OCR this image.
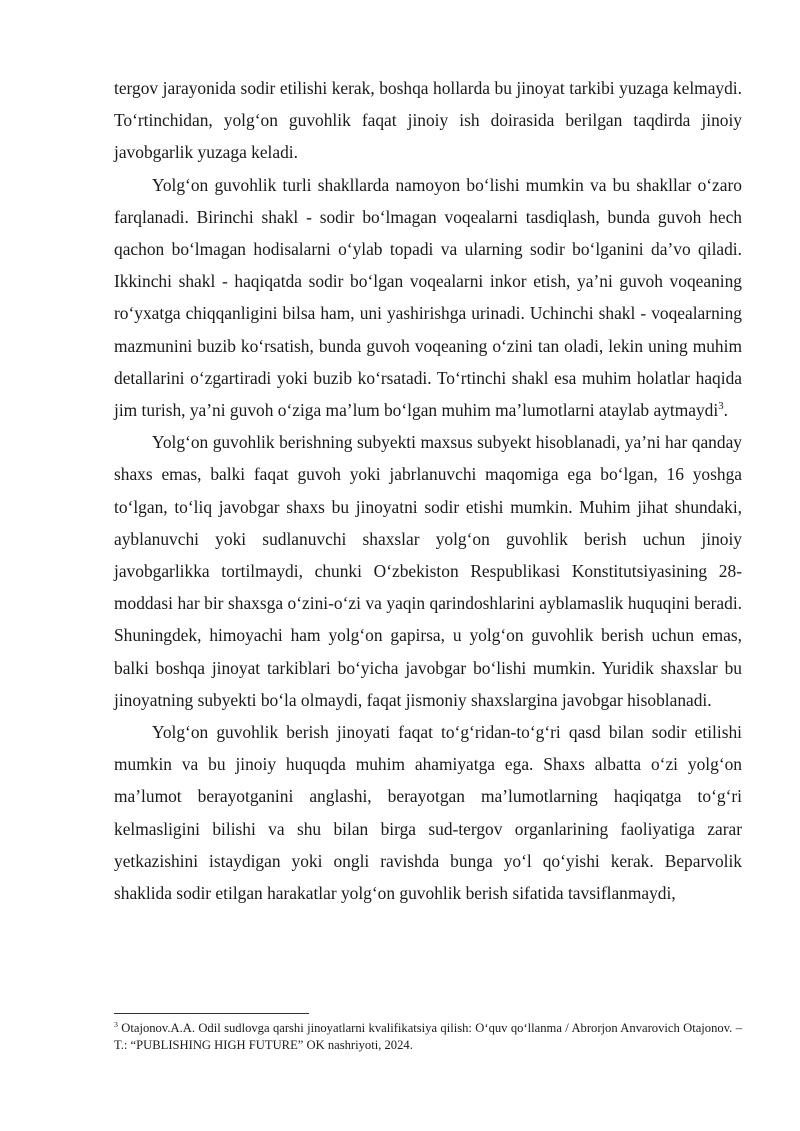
tergov jarayonida sodir etilishi kerak, boshqa hollarda bu jinoyat tarkibi yuzaga kelmaydi. To‘rtinchidan, yolg‘on guvohlik faqat jinoiy ish doirasida berilgan taqdirda jinoiy javobgarlik yuzaga keladi.

Yolg‘on guvohlik turli shakllarda namoyon bo‘lishi mumkin va bu shakllar o‘zaro farqlanadi. Birinchi shakl - sodir bo‘lmagan voqealarni tasdiqlash, bunda guvoh hech qachon bo‘lmagan hodisalarni o‘ylab topadi va ularning sodir bo‘lganini da’vo qiladi. Ikkinchi shakl - haqiqatda sodir bo‘lgan voqealarni inkor etish, ya’ni guvoh voqeaning ro‘yxatga chiqqanligini bilsa ham, uni yashirishga urinadi. Uchinchi shakl - voqealarning mazmunini buzib ko‘rsatish, bunda guvoh voqeaning o‘zini tan oladi, lekin uning muhim detallarini o‘zgartiradi yoki buzib ko‘rsatadi. To‘rtinchi shakl esa muhim holatlar haqida jim turish, ya’ni guvoh o‘ziga ma’lum bo‘lgan muhim ma’lumotlarni ataylab aytmaydi$^3$.

Yolg‘on guvohlik berishning subyekti maxsus subyekt hisoblanadi, ya’ni har qanday shaxs emas, balki faqat guvoh yoki jabrlanuvchi maqomiga ega bo‘lgan, 16 yoshga to‘lgan, to‘liq javobgar shaxs bu jinoyatni sodir etishi mumkin. Muhim jihat shundaki, ayblanuvchi yoki sudlanuvchi shaxslar yolg‘on guvohlik berish uchun jinoiy javobgarlikka tortilmaydi, chunki O‘zbekiston Respublikasi Konstitutsiyasining 28-moddasi har bir shaxsga o‘zini-o‘zi va yaqin qarindoshlarini ayblamaslik huquqini beradi. Shuningdek, himoyachi ham yolg‘on gapirsa, u yolg‘on guvohlik berish uchun emas, balki boshqa jinoyat tarkiblari bo‘yicha javobgar bo‘lishi mumkin. Yuridik shaxslar bu jinoyatning subyekti bo‘la olmaydi, faqat jismoniy shaxslargina javobgar hisoblanadi.

Yolg‘on guvohlik berish jinoyati faqat to‘g‘ridan-to‘g‘ri qasd bilan sodir etilishi mumkin va bu jinoiy huquqda muhim ahamiyatga ega. Shaxs albatta o‘zi yolg‘on ma’lumot berayotganini anglashi, berayotgan ma’lumotlarning haqiqatga to‘g‘ri kelmasligini bilishi va shu bilan birga sud-tergov organlarining faoliyatiga zarar yetkazishini istaydigan yoki ongli ravishda bunga yo‘l qo‘yishi kerak. Beparvolik shaklida sodir etilgan harakatlar yolg‘on guvohlik berish sifatida tavsiflanmaydi,

$^3$ Otajonov.A.A. Odil sudlovga qarshi jinoyatlarni kvalifikatsiya qilish: O‘quv qo‘llanma / Abrorjon Anvarovich Otajonov. – T.: “PUBLISHING HIGH FUTURE” OK nashriyoti, 2024.
